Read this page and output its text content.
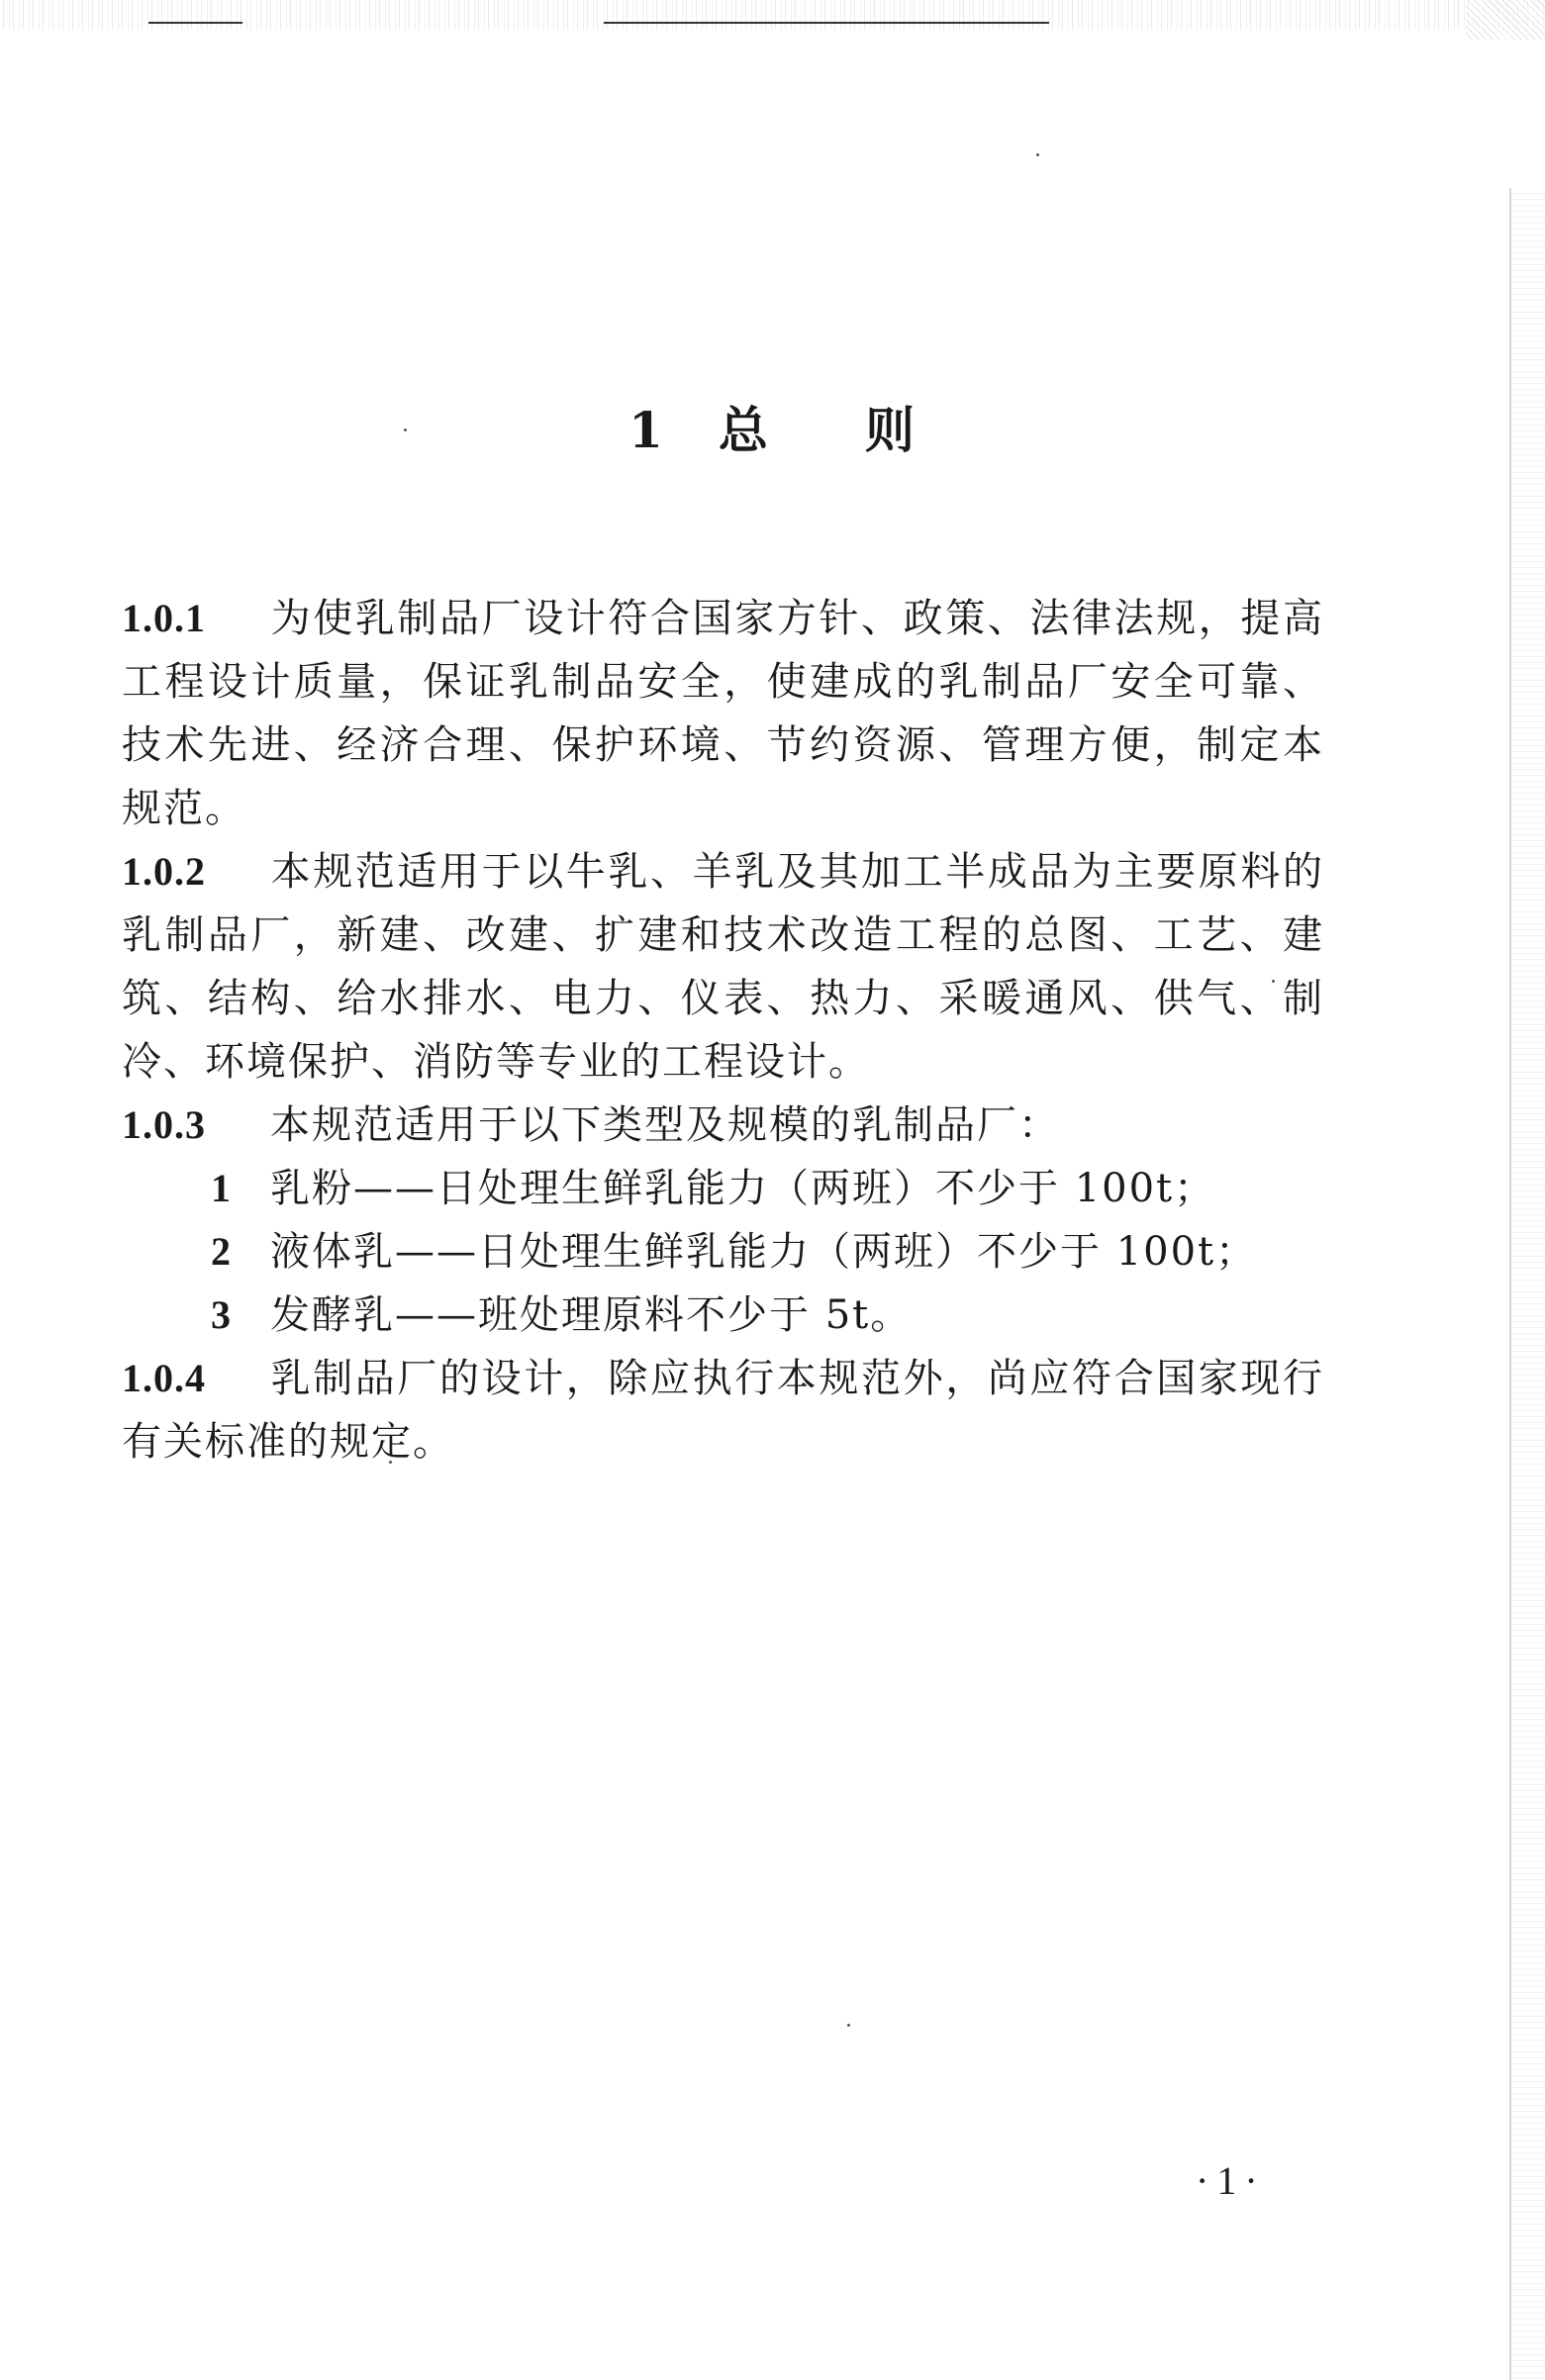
1 总 则

1.0.1 为使乳制品厂设计符合国家方针、政策、法律法规，提高工程设计质量，保证乳制品安全，使建成的乳制品厂安全可靠、技术先进、经济合理、保护环境、节约资源、管理方便，制定本规范。

1.0.2 本规范适用于以牛乳、羊乳及其加工半成品为主要原料的乳制品厂，新建、改建、扩建和技术改造工程的总图、工艺、建筑、结构、给水排水、电力、仪表、热力、采暖通风、供气、制冷、环境保护、消防等专业的工程设计。

1.0.3 本规范适用于以下类型及规模的乳制品厂：

1 乳粉——日处理生鲜乳能力（两班）不少于 100t；

2 液体乳——日处理生鲜乳能力（两班）不少于 100t；

3 发酵乳——班处理原料不少于 5t。

1.0.4 乳制品厂的设计，除应执行本规范外，尚应符合国家现行有关标准的规定。

·1·
